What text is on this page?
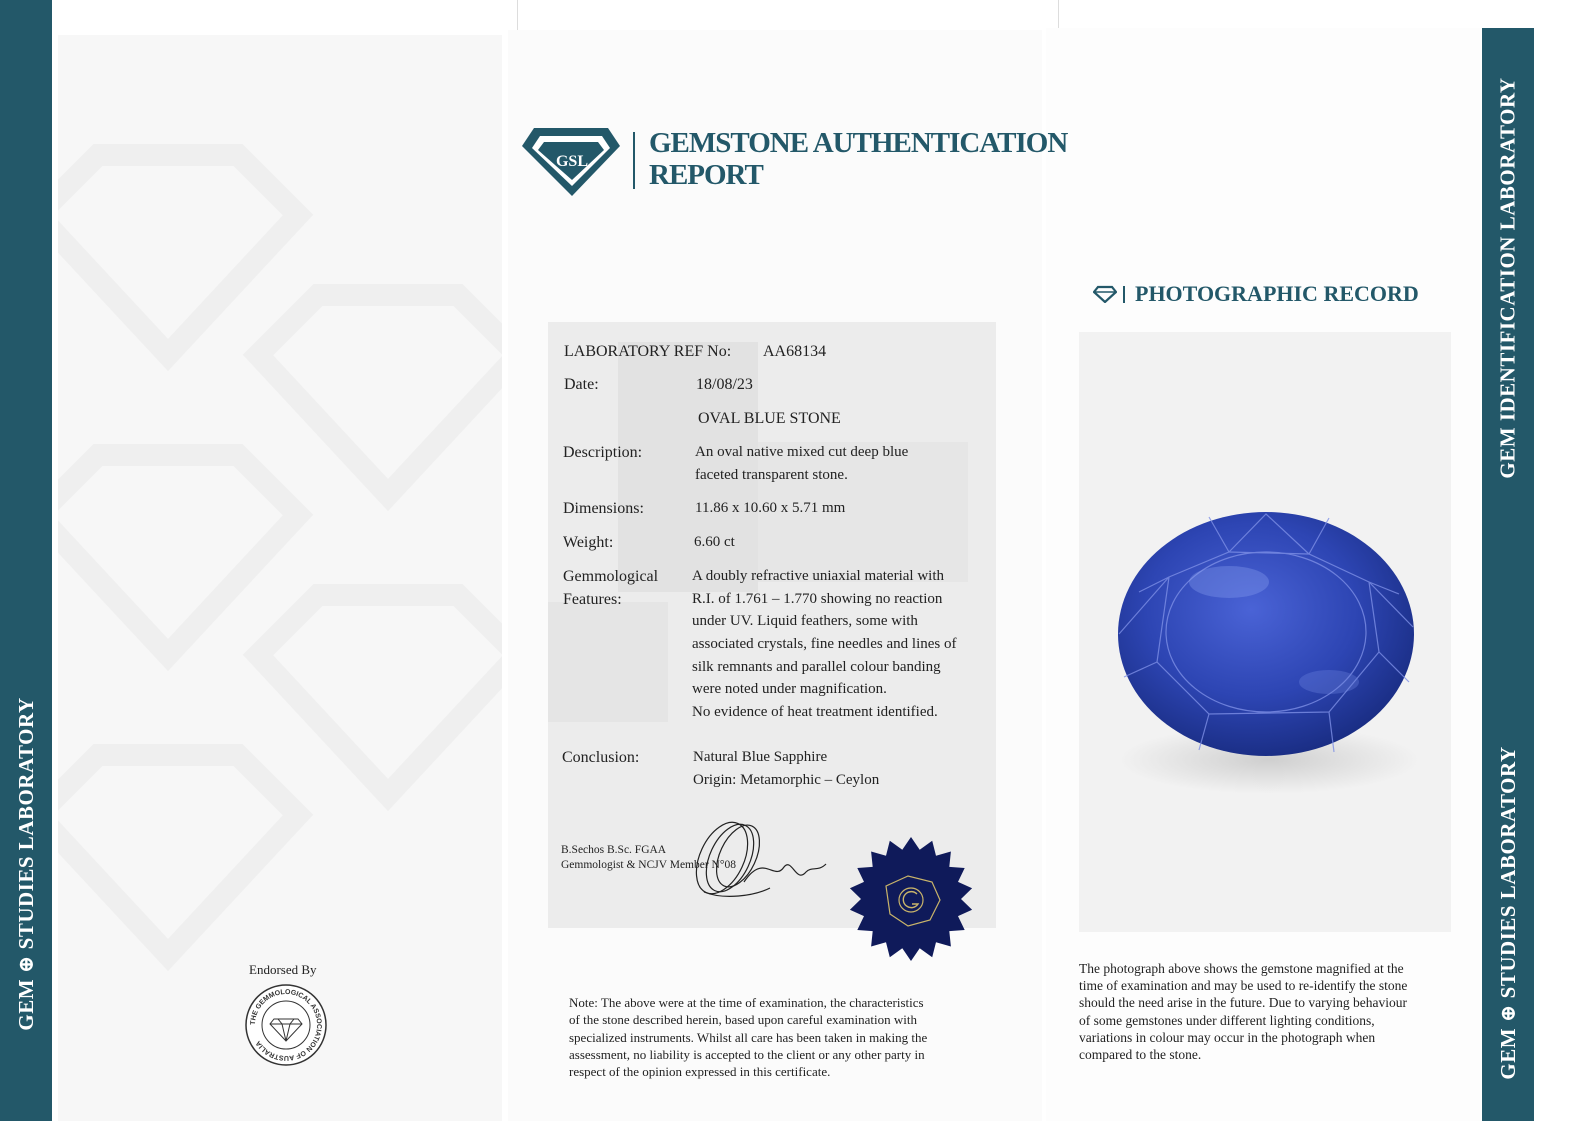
GEM ⊕ STUDIES LABORATORY
GEM IDENTIFICATION LABORATORY
GEM ⊕ STUDIES LABORATORY
GSL
GEMSTONE AUTHENTICATION
REPORT
LABORATORY REF No: AA68134
Date:	18/08/23
OVAL BLUE STONE
Description:	An oval native mixed cut deep blue
faceted transparent stone.
Dimensions:	11.86 x 10.60 x 5.71 mm
Weight:	6.60 ct
Gemmological
Features:
A doubly refractive uniaxial material with
R.I. of 1.761 – 1.770 showing no reaction
under UV. Liquid feathers, some with
associated crystals, fine needles and lines of
silk remnants and parallel colour banding
were noted under magnification.
No evidence of heat treatment identified.
Conclusion:	Natural Blue Sapphire
Origin: Metamorphic – Ceylon
B.Sechos B.Sc. FGAA
Gemmologist & NCJV Member N°08
Note: The above were at the time of examination, the characteristics
of the stone described herein, based upon careful examination with
specialized instruments. Whilst all care has been taken in making the
assessment, no liability is accepted to the client or any other party in
respect of the opinion expressed in this certificate.
Endorsed By
THE GEMMOLOGICAL ASSOCIATION OF AUSTRALIA
PHOTOGRAPHIC RECORD
The photograph above shows the gemstone magnified at the
time of examination and may be used to re-identify the stone
should the need arise in the future. Due to varying behaviour
of some gemstones under different lighting conditions,
variations in colour may occur in the photograph when
compared to the stone.
